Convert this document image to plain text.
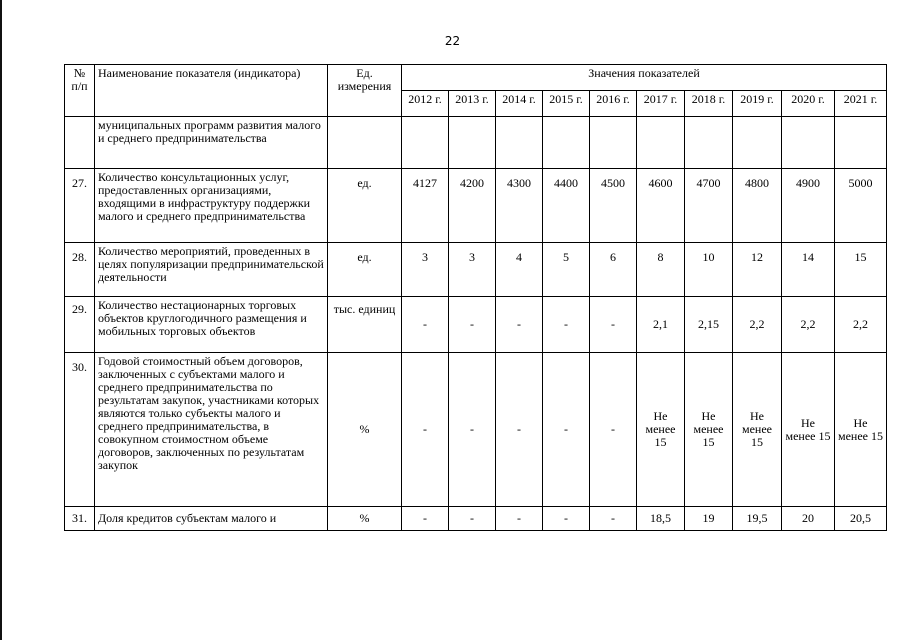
22
№ п/п	Наименование показателя (индикатора)	Ед. измерения	Значения показателей									
			2012 г.	2013 г.	2014 г.	2015 г.	2016 г.	2017 г.	2018 г.	2019 г.	2020 г.	2021 г.
	муниципальных программ развития малого и среднего предпринимательства											
27.	Количество консультационных услуг, предоставленных организациями, входящими в инфраструктуру поддержки малого и среднего предпринимательства	ед.	4127	4200	4300	4400	4500	4600	4700	4800	4900	5000
28.	Количество мероприятий, проведенных в целях популяризации предпринимательской деятельности	ед.	3	3	4	5	6	8	10	12	14	15
29.	Количество нестационарных торговых объектов круглогодичного размещения и мобильных торговых объектов	тыс. единиц	-	-	-	-	-	2,1	2,15	2,2	2,2	2,2
30.	Годовой стоимостный объем договоров, заключенных с субъектами малого и среднего предпринимательства по результатам закупок, участниками которых являются только субъекты малого и среднего предпринимательства, в совокупном стоимостном объеме договоров, заключенных по результатам закупок	%	-	-	-	-	-	Не менее 15	Не менее 15	Не менее 15	Не менее 15	Не менее 15
31.	Доля кредитов субъектам малого и	%	-	-	-	-	-	18,5	19	19,5	20	20,5
